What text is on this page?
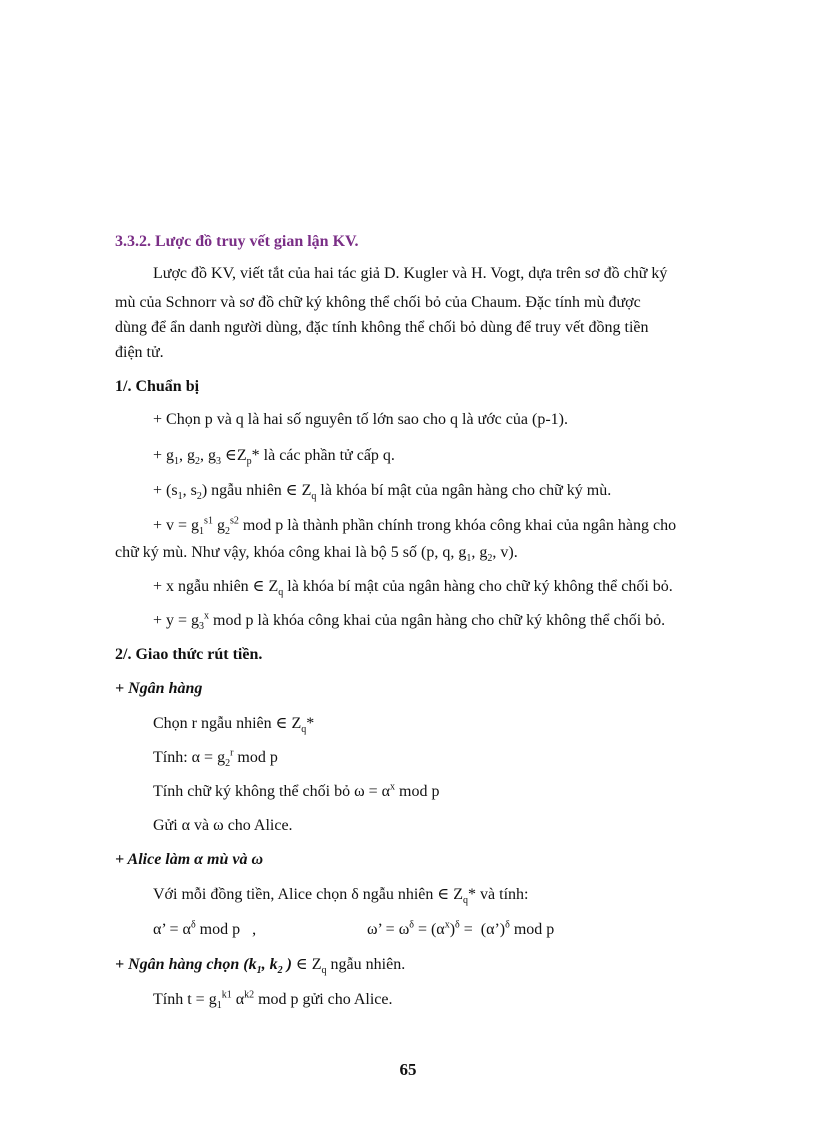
3.3.2. Lược đồ truy vết gian lận KV.
Lược đồ KV, viết tắt của hai tác giả D. Kugler và H. Vogt, dựa trên sơ đồ chữ ký
mù của Schnorr và sơ đồ chữ ký không thể chối bỏ của Chaum. Đặc tính mù được
dùng để ẩn danh người dùng, đặc tính không thể chối bỏ dùng để truy vết đồng tiền
điện tử.
1/. Chuẩn bị
+ Chọn p và q là hai số nguyên tố lớn sao cho q là ước của (p-1).
+ $g_1$, $g_2$, $g_3$ $\in Z_p*$ là các phần tử cấp q.
+ ($s_1$, $s_2$) ngẫu nhiên ∈ $Z_q$ là khóa bí mật của ngân hàng cho chữ ký mù.
+ $v = g_1^{s1}$ $g_2^{s2}$ mod p là thành phần chính trong khóa công khai của ngân hàng cho
chữ ký mù. Như vậy, khóa công khai là bộ 5 số (p, q, $g_1$, $g_2$, v).
+ x ngẫu nhiên ∈ $Z_q$ là khóa bí mật của ngân hàng cho chữ ký không thể chối bỏ.
+ $y = g_3^x$ mod p là khóa công khai của ngân hàng cho chữ ký không thể chối bỏ.
2/. Giao thức rút tiền.
+ Ngân hàng
Chọn r ngẫu nhiên ∈ $Z_q*$
Tính: $\alpha = g_2^r$ mod p
Tính chữ ký không thể chối bỏ $\omega = \alpha^x$ mod p
Gửi α và ω cho Alice.
+ Alice làm α mù và ω
Với mỗi đồng tiền, Alice chọn δ ngẫu nhiên ∈ $Z_q*$ và tính:
α’ = $\alpha^\delta$ mod p   ,	ω’ = $\omega^\delta = (\alpha^x)^\delta$ =  (α’)$^\delta$ mod p
+ Ngân hàng chọn ($k_1$, $k_2$ ) ∈ $Z_q$ ngẫu nhiên.
Tính $t = g_1^{k1}$ $\alpha^{k2}$ mod p gửi cho Alice.
65
